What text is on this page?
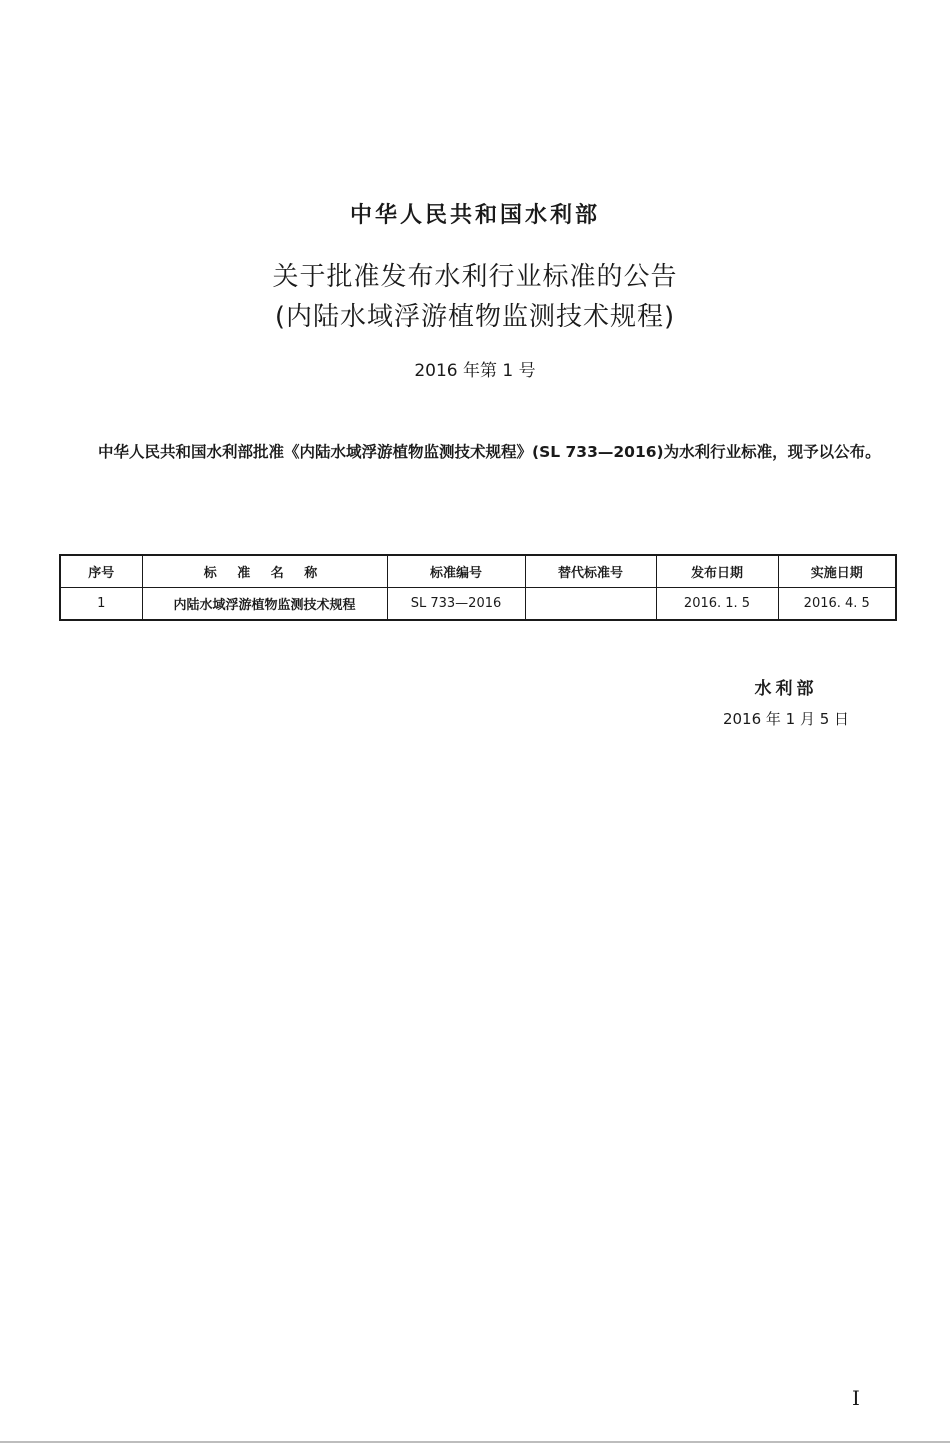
中华人民共和国水利部
关于批准发布水利行业标准的公告
(内陆水域浮游植物监测技术规程)
2016 年第 1 号
中华人民共和国水利部批准《内陆水域浮游植物监测技术规程》(SL 733—2016)为水利行业标准，现予以公布。
序号	标 准 名 称	标准编号	替代标准号	发布日期	实施日期
1	内陆水域浮游植物监测技术规程	SL 733—2016		2016. 1. 5	2016. 4. 5
水利部
2016 年 1 月 5 日
I
